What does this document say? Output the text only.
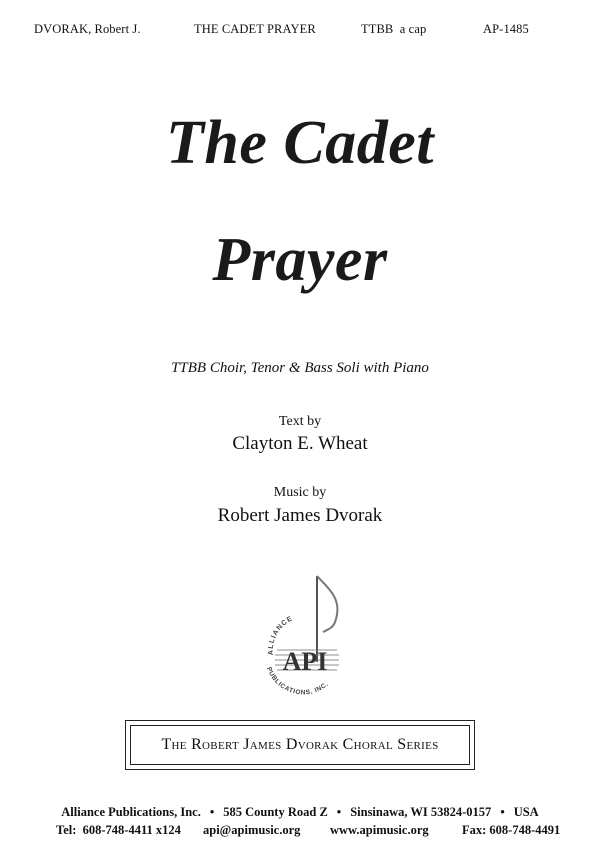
DVORAK, Robert J.	THE CADET PRAYER	TTBB  a cap	AP-1485
The Cadet
Prayer
TTBB Choir, Tenor & Bass Soli with Piano
Text by
Clayton E. Wheat
Music by
Robert James Dvorak
API
ALLIANCE
PUBLICATIONS, INC.
The Robert James Dvorak Choral Series
Alliance Publications, Inc. • 585 County Road Z • Sinsinawa, WI 53824-0157 • USA
Tel:  608-748-4411 x124 api@apimusic.org www.apimusic.org	Fax: 608-748-4491
